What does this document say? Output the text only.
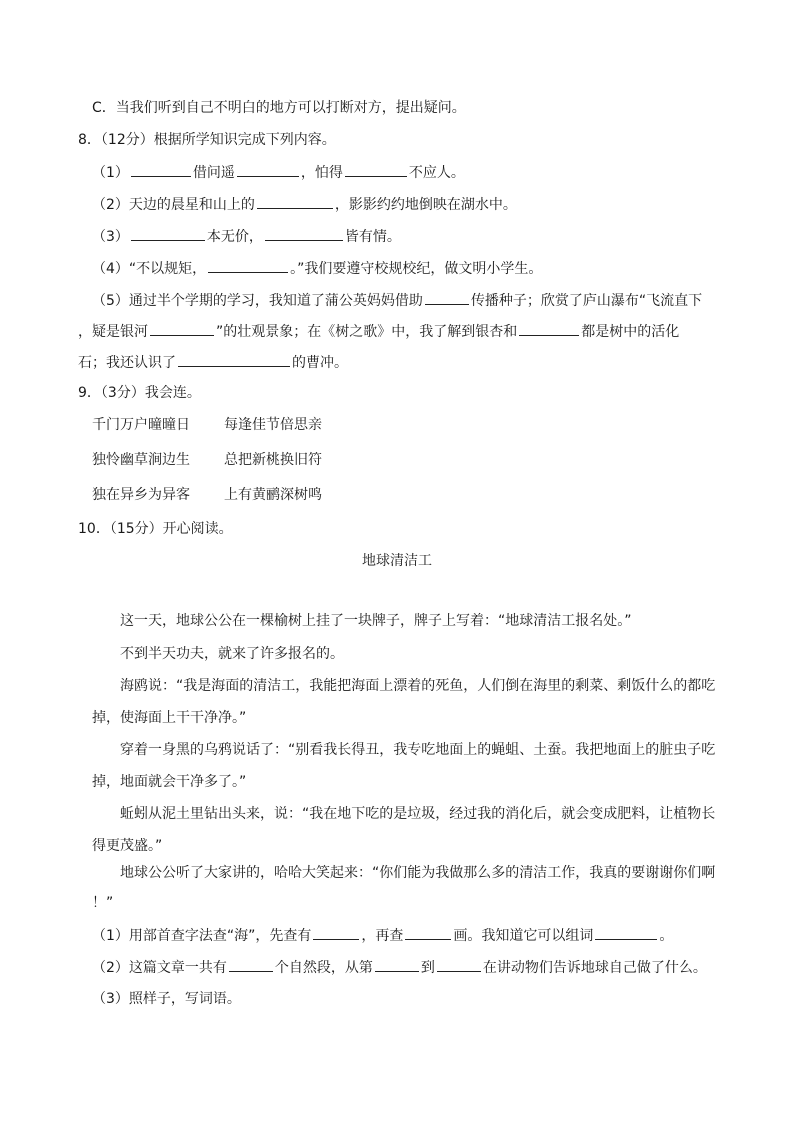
C．当我们听到自己不明白的地方可以打断对方，提出疑问。
8．（12分）根据所学知识完成下列内容。
（1）	借问遥	，怕得	不应人。
（2）天边的晨星和山上的	，影影约约地倒映在湖水中。
（3）	本无价，	皆有情。
（4）“不以规矩，	。”我们要遵守校规校纪，做文明小学生。
（5）通过半个学期的学习，我知道了蒲公英妈妈借助	传播种子；欣赏了庐山瀑布“飞流直下
，疑是银河	”的壮观景象；在《树之歌》中，我了解到银杏和	都是树中的活化
石；我还认识了	的曹冲。
9．（3分）我会连。
千门万户曈曈日 每逢佳节倍思亲
独怜幽草涧边生 总把新桃换旧符
独在异乡为异客 上有黄鹂深树鸣
10．（15分）开心阅读。
地球清洁工
这一天，地球公公在一棵榆树上挂了一块牌子，牌子上写着：“地球清洁工报名处。”
不到半天功夫，就来了许多报名的。
海鸥说：“我是海面的清洁工，我能把海面上漂着的死鱼，人们倒在海里的剩菜、剩饭什么的都吃
掉，使海面上干干净净。”
穿着一身黑的乌鸦说话了：“别看我长得丑，我专吃地面上的蝇蛆、土蚕。我把地面上的脏虫子吃
掉，地面就会干净多了。”
蚯蚓从泥土里钻出头来，说：“我在地下吃的是垃圾，经过我的消化后，就会变成肥料，让植物长
得更茂盛。”
地球公公听了大家讲的，哈哈大笑起来：“你们能为我做那么多的清洁工作，我真的要谢谢你们啊
！”
（1）用部首查字法查“海”，先查有	，再查	画。我知道它可以组词	。
（2）这篇文章一共有	个自然段，从第	到	在讲动物们告诉地球自己做了什么。
（3）照样子，写词语。
